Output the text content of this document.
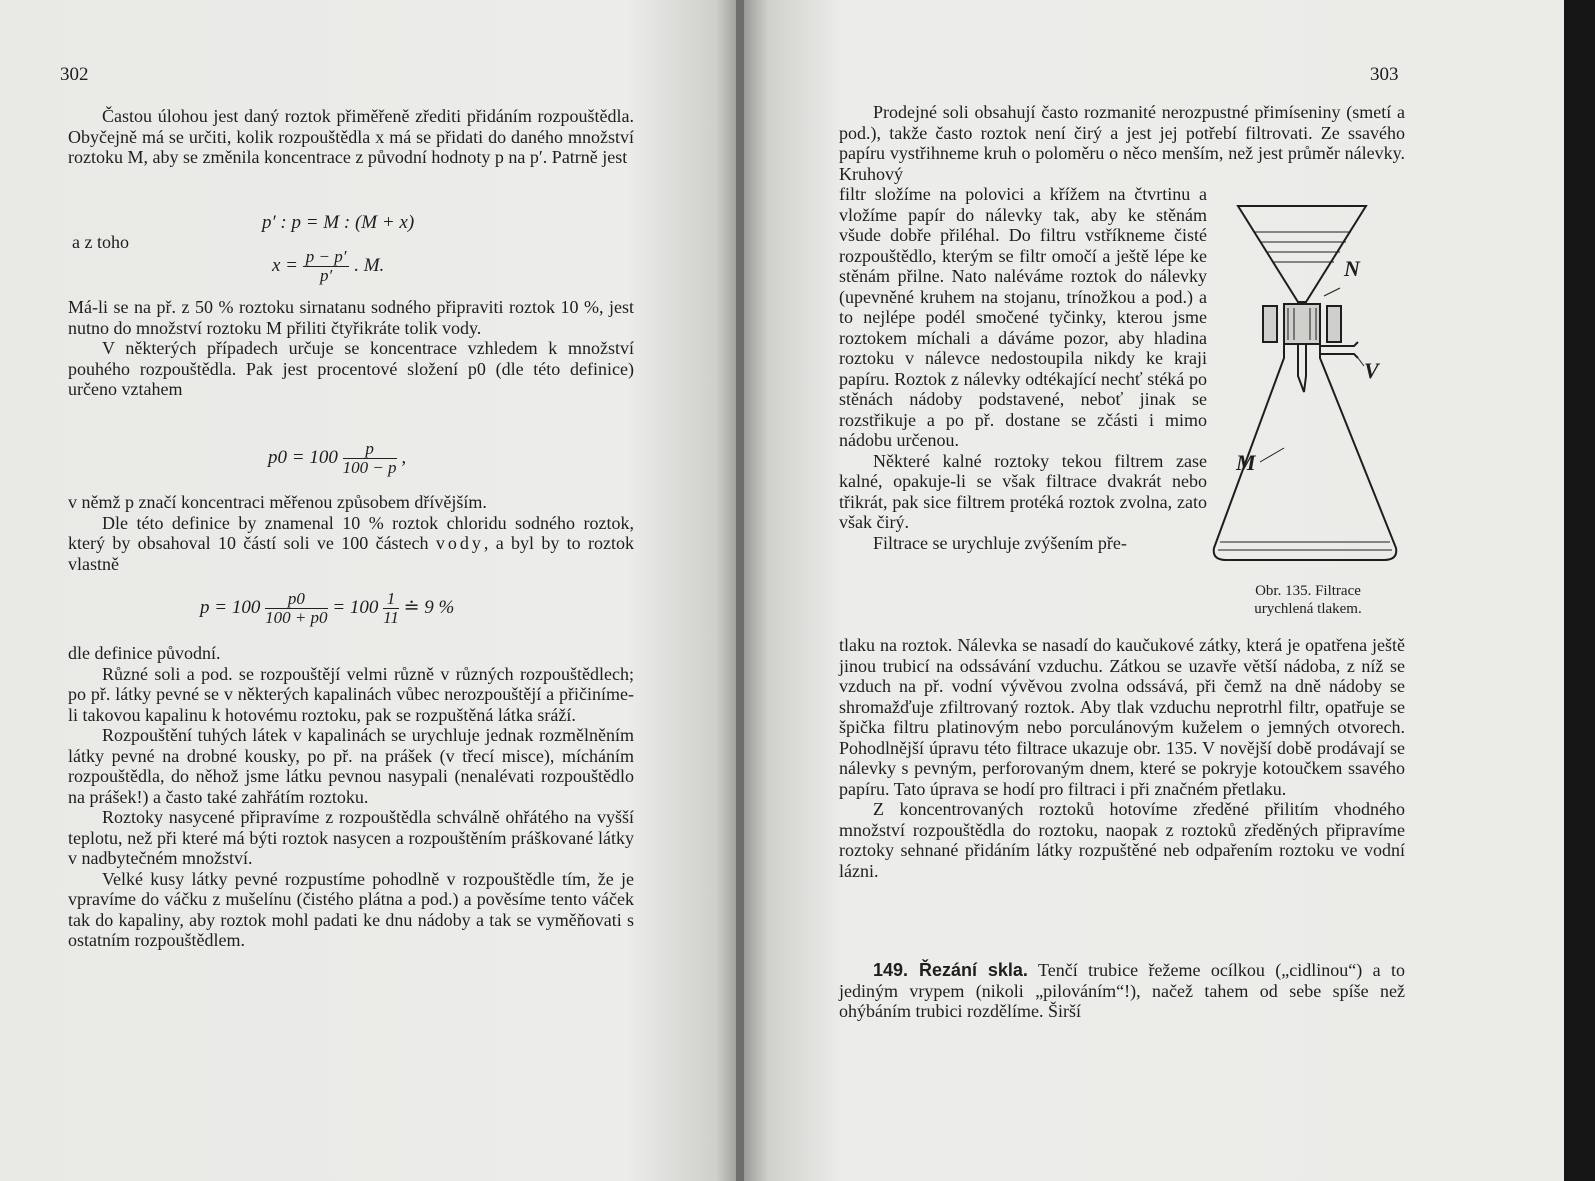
302

Častou úlohou jest daný roztok přiměřeně zřediti přidáním rozpouštědla. Obyčejně má se určiti, kolik rozpouštědla x má se přidati do daného množství roztoku M, aby se změnila koncentrace z původní hodnoty p na p′. Patrně jest

p′ : p = M : (M + x)
a z toho
$x = \frac{p - p'}{p'}$ . M.

Má-li se na př. z 50 % roztoku sirnatanu sodného připraviti roztok 10 %, jest nutno do množství roztoku M přiliti čtyřikráte tolik vody.

V některých případech určuje se koncentrace vzhledem k množství pouhého rozpouštědla. Pak jest procentové složení p0 (dle této definice) určeno vztahem

$p0 = 100 \frac{p}{100 - p}$ ,

v němž p značí koncentraci měřenou způsobem dřívějším.

Dle této definice by znamenal 10 % roztok chloridu sodného roztok, který by obsahoval 10 částí soli ve 100 částech vody, a byl by to roztok vlastně

$p = 100 \frac{p0}{100 + p0} = 100 \frac{1}{11}$ ≐ 9 %

dle definice původní.

Různé soli a pod. se rozpouštějí velmi různě v různých rozpouštědlech; po př. látky pevné se v některých kapalinách vůbec nerozpouštějí a přičiníme-li takovou kapalinu k hotovému roztoku, pak se rozpuštěná látka sráží.

Rozpouštění tuhých látek v kapalinách se urychluje jednak rozmělněním látky pevné na drobné kousky, po př. na prášek (v třecí misce), mícháním rozpouštědla, do něhož jsme látku pevnou nasypali (nenalévati rozpouštědlo na prášek!) a často také zahřátím roztoku.

Roztoky nasycené připravíme z rozpouštědla schválně ohřátého na vyšší teplotu, než při které má býti roztok nasycen a rozpouštěním práškované látky v nadbytečném množství.

Velké kusy látky pevné rozpustíme pohodlně v rozpouštědle tím, že je vpravíme do váčku z mušelínu (čistého plátna a pod.) a pověsíme tento váček tak do kapaliny, aby roztok mohl padati ke dnu nádoby a tak se vyměňovati s ostatním rozpouštědlem.

303

Prodejné soli obsahují často rozmanité nerozpustné přimíseniny (smetí a pod.), takže často roztok není čirý a jest jej potřebí filtrovati. Ze ssavého papíru vystřihneme kruh o poloměru o něco menším, než jest průměr nálevky. Kruhový

filtr složíme na polovici a křížem na čtvrtinu a vložíme papír do nálevky tak, aby ke stěnám všude dobře přiléhal. Do filtru vstříkneme čisté rozpouštědlo, kterým se filtr omočí a ještě lépe ke stěnám přilne. Nato naléváme roztok do nálevky (upevněné kruhem na stojanu, trínožkou a pod.) a to nejlépe podél smočené tyčinky, kterou jsme roztokem míchali a dáváme pozor, aby hladina roztoku v nálevce nedostoupila nikdy ke kraji papíru. Roztok z nálevky odtékající nechť stéká po stěnách nádoby podstavené, neboť jinak se rozstřikuje a po př. dostane se zčásti i mimo nádobu určenou.

Některé kalné roztoky tekou filtrem zase kalné, opakuje-li se však filtrace dvakrát nebo třikrát, pak sice filtrem protéká roztok zvolna, zato však čirý.

Filtrace se urychluje zvýšením pře-

N
V
M
Obr. 135. Filtrace
urychlená tlakem.

tlaku na roztok. Nálevka se nasadí do kaučukové zátky, která je opatřena ještě jinou trubicí na odssávání vzduchu. Zátkou se uzavře větší nádoba, z níž se vzduch na př. vodní vývěvou zvolna odssává, při čemž na dně nádoby se shromažďuje zfiltrovaný roztok. Aby tlak vzduchu neprotrhl filtr, opatřuje se špička filtru platinovým nebo porculánovým kuželem o jemných otvorech. Pohodlnější úpravu této filtrace ukazuje obr. 135. V novější době prodávají se nálevky s pevným, perforovaným dnem, které se pokryje kotoučkem ssavého papíru. Tato úprava se hodí pro filtraci i při značném přetlaku.

Z koncentrovaných roztoků hotovíme zředěné přilitím vhodného množství rozpouštědla do roztoku, naopak z roztoků zředěných připravíme roztoky sehnané přidáním látky rozpuštěné neb odpařením roztoku ve vodní lázni.

149. Řezání skla. Tenčí trubice řežeme ocílkou („cidlinou“) a to jediným vrypem (nikoli „pilováním“!), načež tahem od sebe spíše než ohýbáním trubici rozdělíme. Širší
